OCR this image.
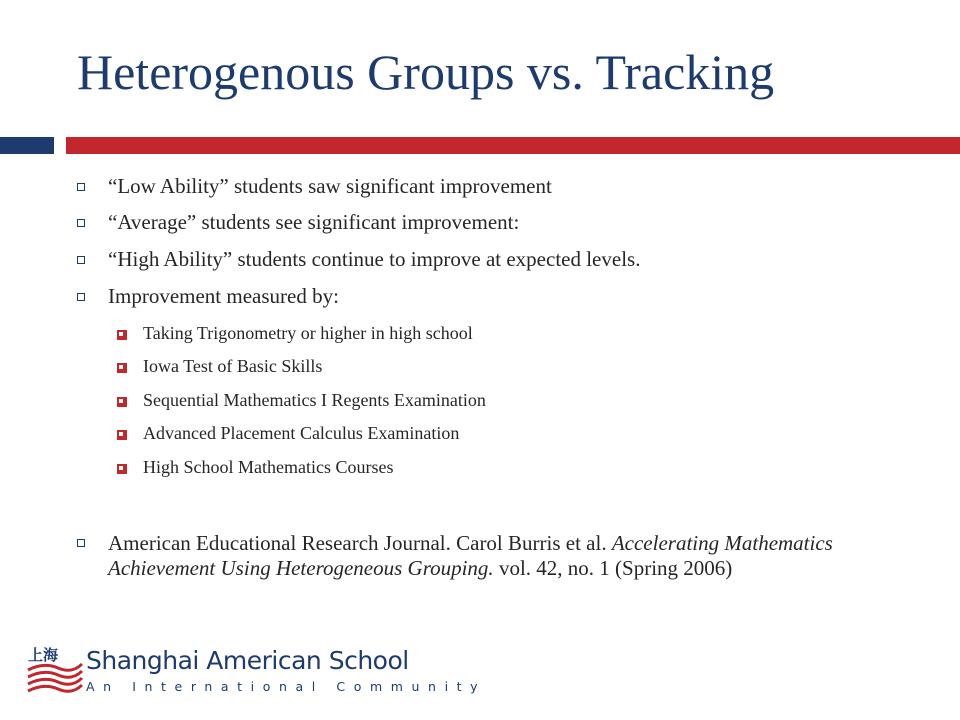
Heterogenous Groups vs. Tracking
“Low Ability” students saw significant improvement
“Average” students see significant improvement:
“High Ability” students continue to improve at expected levels.
Improvement measured by:
Taking Trigonometry or higher in high school
Iowa Test of Basic Skills
Sequential Mathematics I Regents Examination
Advanced Placement Calculus Examination
High School Mathematics Courses
American Educational Research Journal. Carol Burris et al. Accelerating Mathematics Achievement Using Heterogeneous Grouping. vol. 42, no. 1 (Spring 2006)
上海 Shanghai American School
An International Community
